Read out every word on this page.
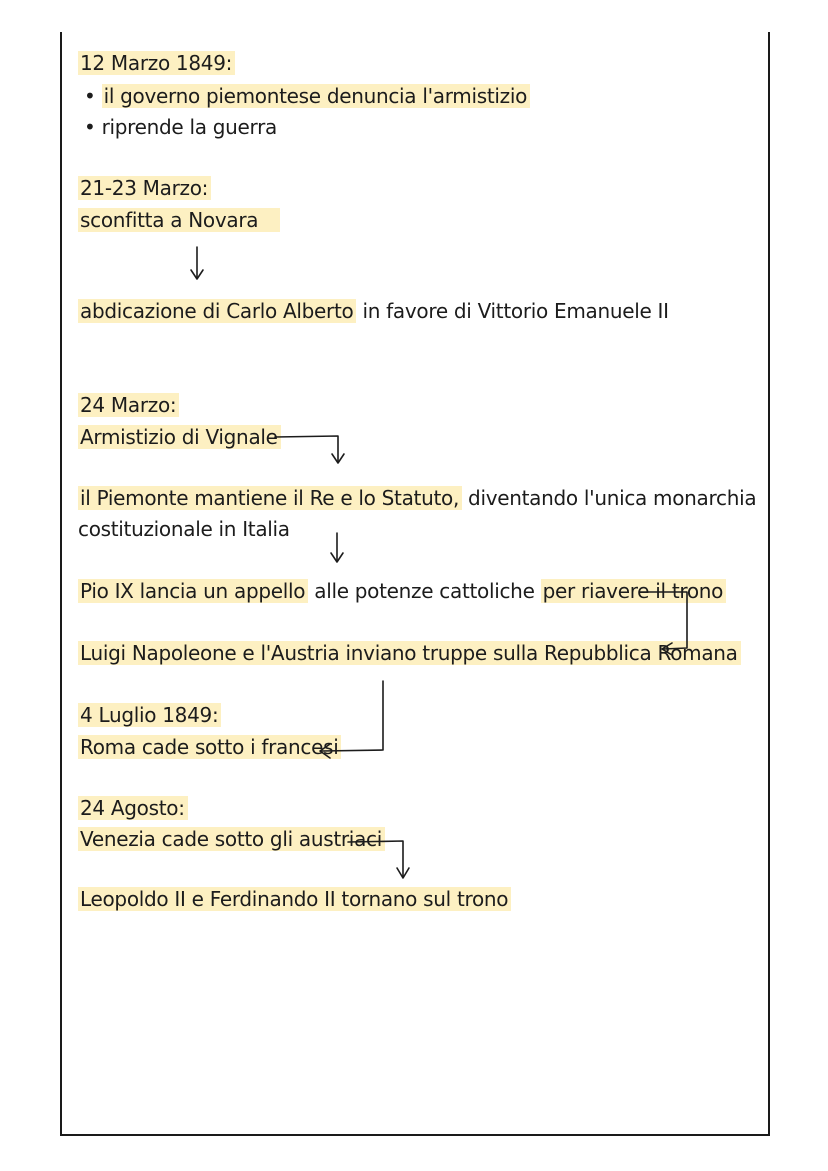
12 Marzo 1849:
• il governo piemontese denuncia l'armistizio
• riprende la guerra
21-23 Marzo:
sconfitta a Novara
abdicazione di Carlo Alberto in favore di Vittorio Emanuele II
24 Marzo:
Armistizio di Vignale
il Piemonte mantiene il Re e lo Statuto, diventando l'unica monarchia
costituzionale in Italia
Pio IX lancia un appello alle potenze cattoliche per riavere il trono
Luigi Napoleone e l'Austria inviano truppe sulla Repubblica Romana
4 Luglio 1849:
Roma cade sotto i francesi
24 Agosto:
Venezia cade sotto gli austriaci
Leopoldo II e Ferdinando II tornano sul trono
